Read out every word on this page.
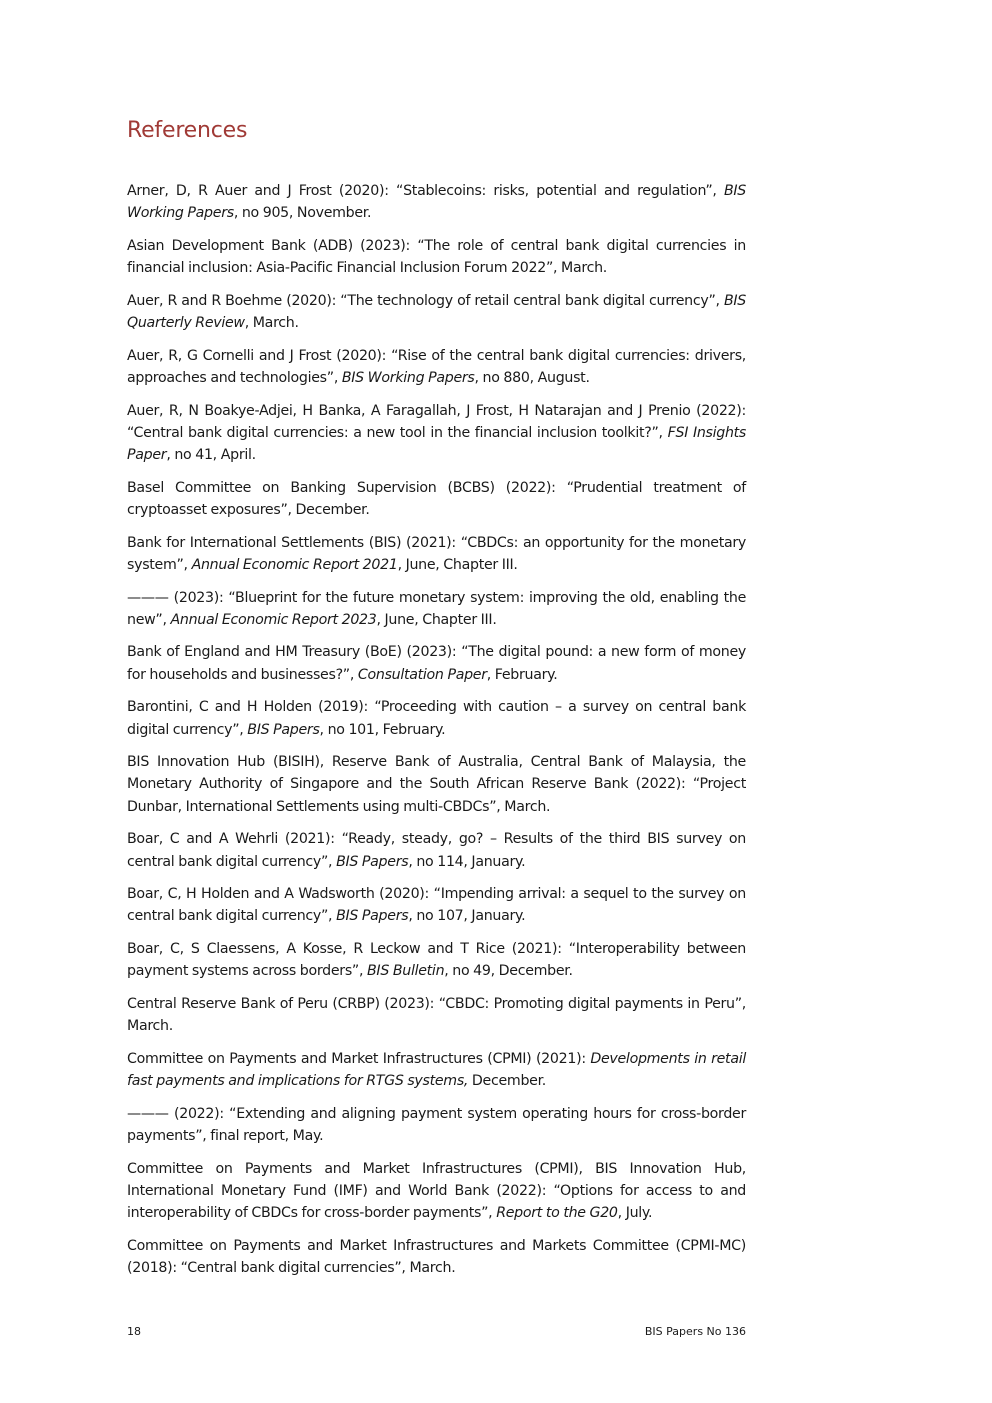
References
Arner, D, R Auer and J Frost (2020): “Stablecoins: risks, potential and regulation”, BIS Working Papers, no 905, November.
Asian Development Bank (ADB) (2023): “The role of central bank digital currencies in financial inclusion: Asia-Pacific Financial Inclusion Forum 2022”, March.
Auer, R and R Boehme (2020): “The technology of retail central bank digital currency”, BIS Quarterly Review, March.
Auer, R, G Cornelli and J Frost (2020): “Rise of the central bank digital currencies: drivers, approaches and technologies”, BIS Working Papers, no 880, August.
Auer, R, N Boakye-Adjei, H Banka, A Faragallah, J Frost, H Natarajan and J Prenio (2022): “Central bank digital currencies: a new tool in the financial inclusion toolkit?”, FSI Insights Paper, no 41, April.
Basel Committee on Banking Supervision (BCBS) (2022): “Prudential treatment of cryptoasset exposures”, December.
Bank for International Settlements (BIS) (2021): “CBDCs: an opportunity for the monetary system”, Annual Economic Report 2021, June, Chapter III.
——— (2023): “Blueprint for the future monetary system: improving the old, enabling the new”, Annual Economic Report 2023, June, Chapter III.
Bank of England and HM Treasury (BoE) (2023): “The digital pound: a new form of money for households and businesses?”, Consultation Paper, February.
Barontini, C and H Holden (2019): “Proceeding with caution – a survey on central bank digital currency”, BIS Papers, no 101, February.
BIS Innovation Hub (BISIH), Reserve Bank of Australia, Central Bank of Malaysia, the Monetary Authority of Singapore and the South African Reserve Bank (2022): “Project Dunbar, International Settlements using multi-CBDCs”, March.
Boar, C and A Wehrli (2021): “Ready, steady, go? – Results of the third BIS survey on central bank digital currency”, BIS Papers, no 114, January.
Boar, C, H Holden and A Wadsworth (2020): “Impending arrival: a sequel to the survey on central bank digital currency”, BIS Papers, no 107, January.
Boar, C, S Claessens, A Kosse, R Leckow and T Rice (2021): “Interoperability between payment systems across borders”, BIS Bulletin, no 49, December.
Central Reserve Bank of Peru (CRBP) (2023): “CBDC: Promoting digital payments in Peru”, March.
Committee on Payments and Market Infrastructures (CPMI) (2021): Developments in retail fast payments and implications for RTGS systems, December.
——— (2022): “Extending and aligning payment system operating hours for cross-border payments”, final report, May.
Committee on Payments and Market Infrastructures (CPMI), BIS Innovation Hub, International Monetary Fund (IMF) and World Bank (2022): “Options for access to and interoperability of CBDCs for cross-border payments”, Report to the G20, July.
Committee on Payments and Market Infrastructures and Markets Committee (CPMI-MC) (2018): “Central bank digital currencies”, March.
18	BIS Papers No 136
